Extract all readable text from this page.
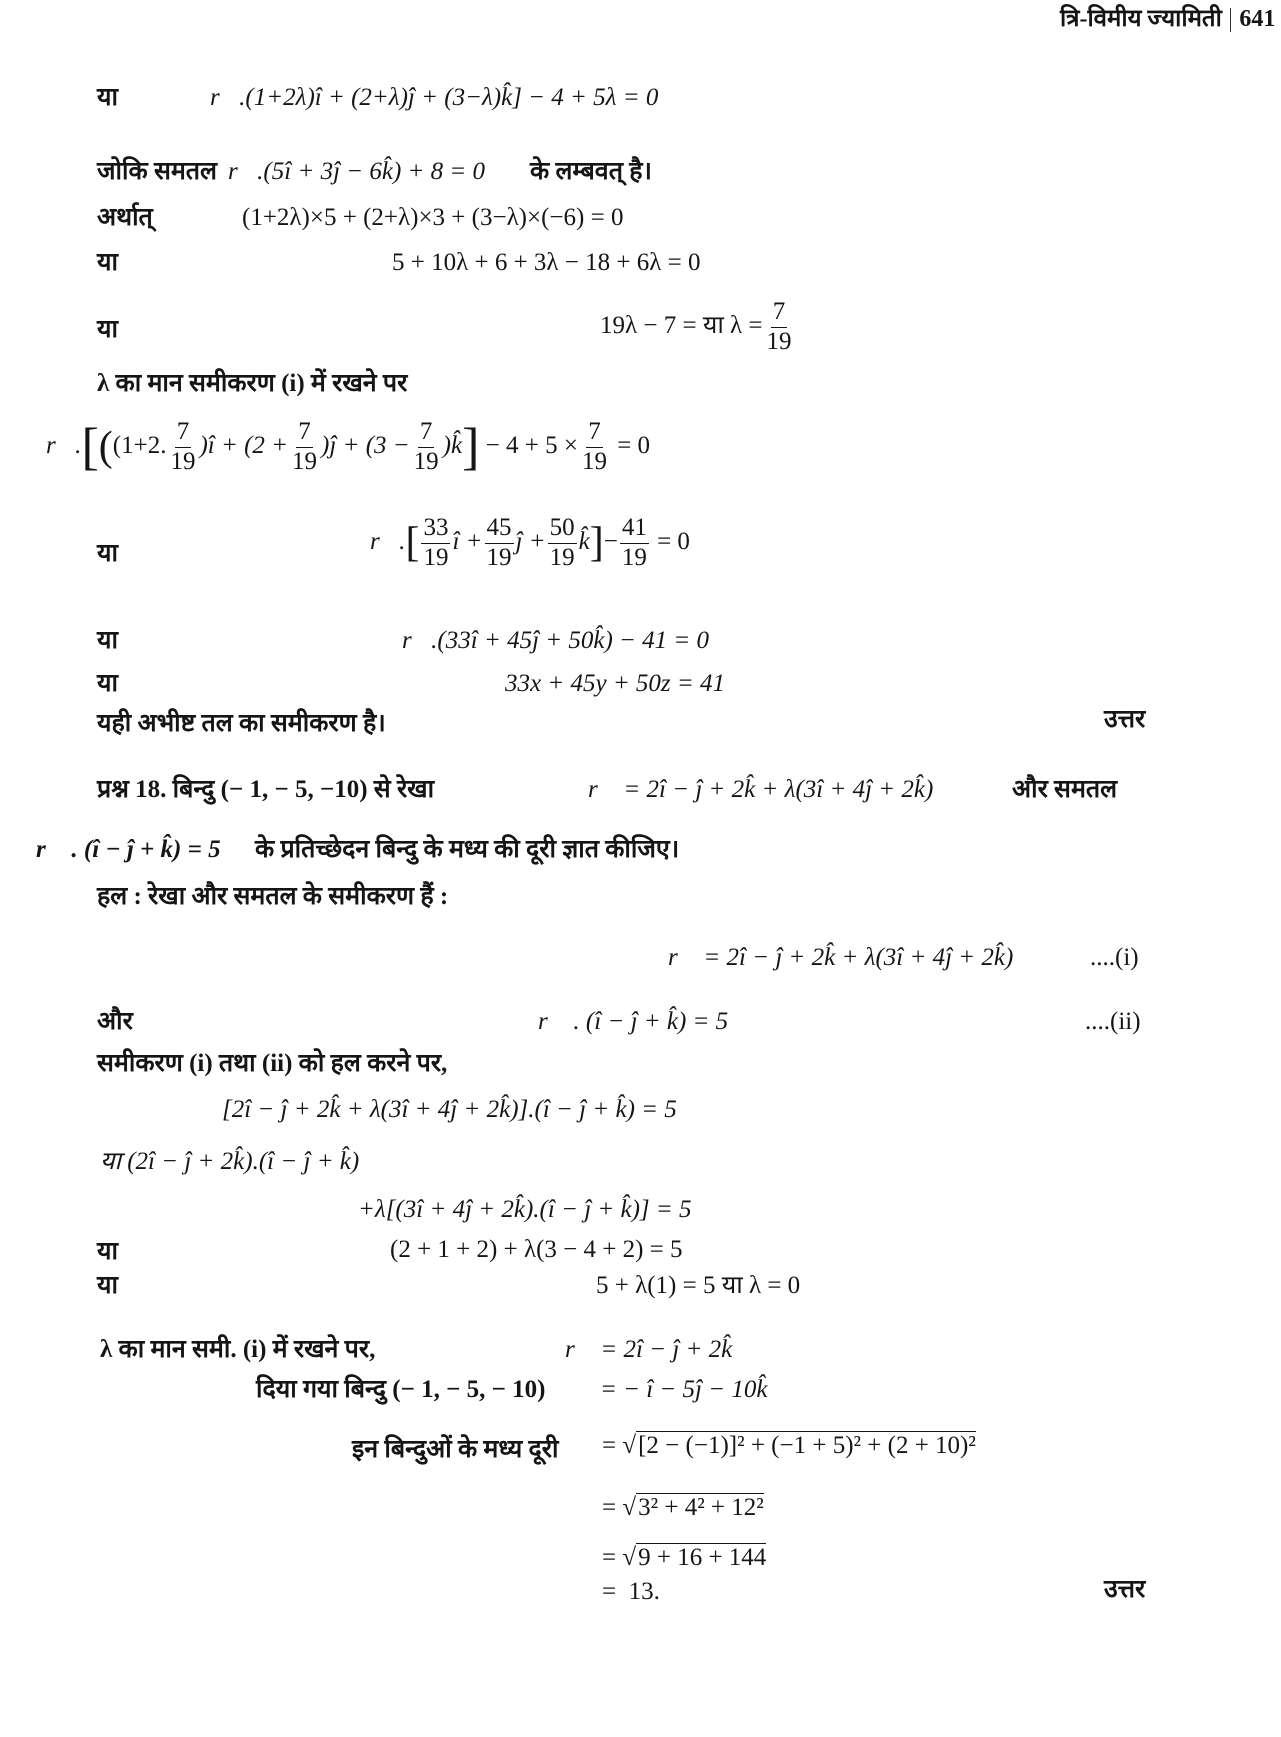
त्रि-विमीय ज्यामिती 641
या	r⃗.(1+2λ)î + (2+λ)ĵ + (3−λ)k̂] − 4 + 5λ = 0
जोकि समतल r⃗.(5î + 3ĵ − 6k̂) + 8 = 0 के लम्बवत् है।
अर्थात्	(1+2λ)×5 + (2+λ)×3 + (3−λ)×(−6) = 0
या	5 + 10λ + 6 + 3λ − 18 + 6λ = 0
या	19λ − 7 = या $\lambda = \frac{7}{19}$
λ का मान समीकरण (i) में रखने पर
r⃗.[((1+2. $\frac{7}{19}$ )î + ($2 + \frac{7}{19}$ )ĵ + ($3 - \frac{7}{19}$ )k̂] − $4 + 5 \times \frac{7}{19} = 0$
या	r⃗.[ $\frac{33}{19}$ î + $\frac{45}{19}$ ĵ + $\frac{50}{19}$ k̂]− $\frac{41}{19} = 0$
या	r⃗.(33î + 45ĵ + 50k̂) − 41 = 0
या	33x + 45y + 50z = 41
यही अभीष्ट तल का समीकरण है।	उत्तर
प्रश्न 18. बिन्दु (− 1, − 5, −10) से रेखा	r⃗ = 2î − ĵ + 2k̂ + λ(3î + 4ĵ + 2k̂)	और समतल
r⃗ . (î − ĵ + k̂) = 5 के प्रतिच्छेदन बिन्दु के मध्य की दूरी ज्ञात कीजिए।
हल : रेखा और समतल के समीकरण हैं :
r⃗ = 2î − ĵ + 2k̂ + λ(3î + 4ĵ + 2k̂)	....(i)
और	r⃗ . (î − ĵ + k̂) = 5	....(ii)
समीकरण (i) तथा (ii) को हल करने पर,
[2î − ĵ + 2k̂ + λ(3î + 4ĵ + 2k̂)].(î − ĵ + k̂) = 5
या (2î − ĵ + 2k̂).(î − ĵ + k̂)
+λ[(3î + 4ĵ + 2k̂).(î − ĵ + k̂)] = 5
या	(2 + 1 + 2) + λ(3 − 4 + 2) = 5
या	5 + λ(1) = 5 या λ = 0
λ का मान समी. (i) में रखने पर,	r⃗ = 2î − ĵ + 2k̂
दिया गया बिन्दु (− 1, − 5, − 10) = − î − 5ĵ − 10k̂
इन बिन्दुओं के मध्य दूरी = √[2 − (−1)]² + (−1 + 5)² + (2 + 10)²
= √3² + 4² + 12²
= √9 + 16 + 144
= 13.	उत्तर
